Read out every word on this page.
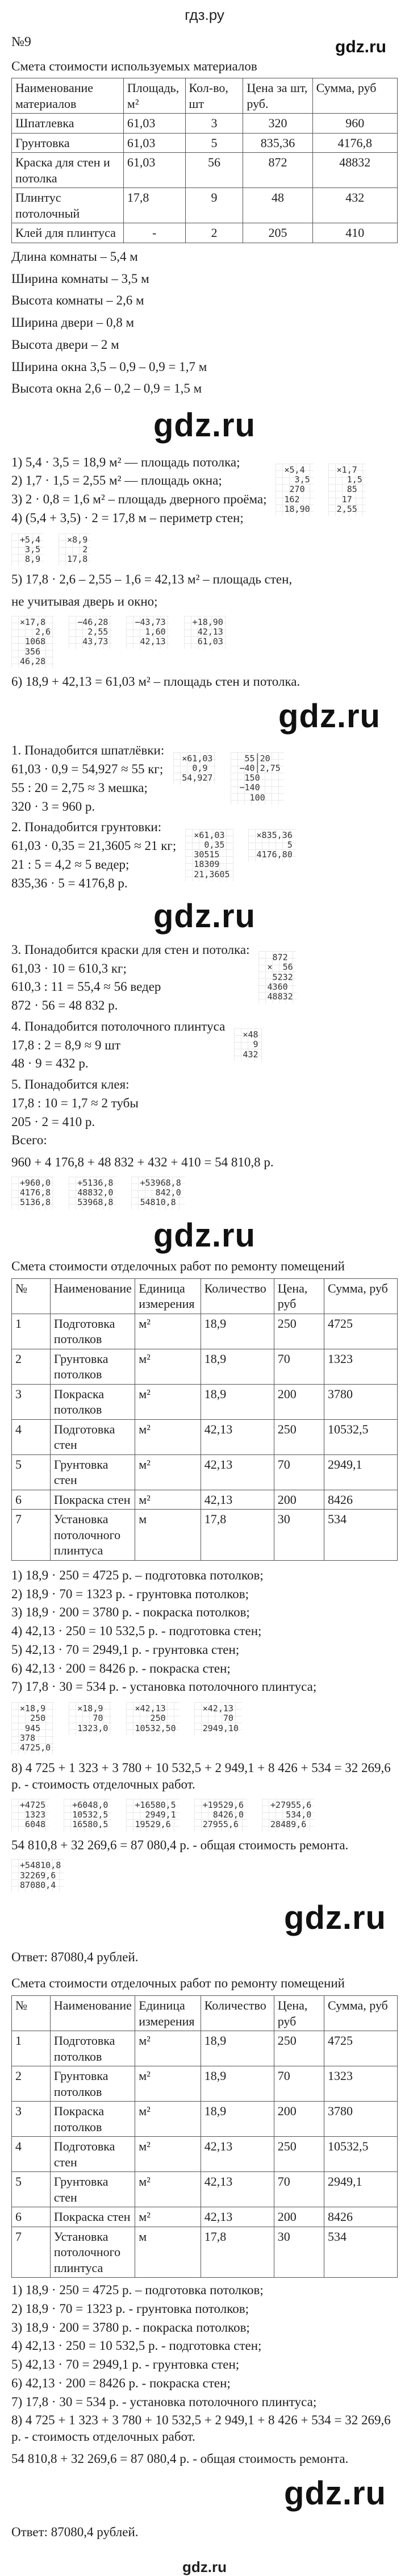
гдз.ру
№9	gdz.ru
Смета стоимости используемых материалов
Наименование материалов	Площадь, м²	Кол-во, шт	Цена за шт, руб.	Сумма, руб
Шпатлевка	61,03	3	320	960
Грунтовка	61,03	5	835,36	4176,8
Краска для стен и потолка	61,03	56	872	48832
Плинтус потолочный	17,8	9	48	432
Клей для плинтуса	-	2	205	410
Длина комнаты – 5,4 м
Ширина комнаты – 3,5 м
Высота комнаты – 2,6 м
Ширина двери – 0,8 м
Высота двери – 2 м
Ширина окна 3,5 – 0,9 – 0,9 = 1,7 м
Высота окна 2,6 – 0,2 – 0,9 = 1,5 м
gdz.ru
1) 5,4 · 3,5 = 18,9 м² — площадь потолка;
2) 1,7 · 1,5 = 2,55 м² — площадь окна;
3) 2 · 0,8 = 1,6 м² – площадь дверного проёма;
4) (5,4 + 3,5) · 2 = 17,8 м – периметр стен;
×5,4
3,5
270
162
18,90
×1,7
1,5
85
17
2,55
+5,4
3,5
8,9
×8,9
2
17,8
5) 17,8 · 2,6 – 2,55 – 1,6 = 42,13 м² – площадь стен,
не учитывая дверь и окно;
×17,8
2,6
1068
356
46,28
−46,28
2,55
43,73
−43,73
1,60
42,13
+18,90
42,13
61,03
6) 18,9 + 42,13 = 61,03 м² – площадь стен и потолка.
gdz.ru
1. Понадобится шпатлёвки:
61,03 · 0,9 = 54,927 ≈ 55 кг;
55 : 20 = 2,75 ≈ 3 мешка;
320 · 3 = 960 р.
×61,03
0,9
54,927
55│20
−40│2,75
150
−140
100
2. Понадобится грунтовки:
61,03 · 0,35 = 21,3605 ≈ 21 кг;
21 : 5 = 4,2 ≈ 5 ведер;
835,36 · 5 = 4176,8 р.
×61,03
0,35
30515
18309
21,3605
×835,36
5
4176,80
gdz.ru
3. Понадобится краски для стен и потолка:
61,03 · 10 = 610,3 кг;
610,3 : 11 = 55,4 ≈ 56 ведер
872 · 56 = 48 832 р.
872
×  56
5232
4360
48832
4. Понадобится потолочного плинтуса
17,8 : 2 = 8,9 ≈ 9 шт
48 · 9 = 432 р.
×48
9
432
5. Понадобится клея:
17,8 : 10 = 1,7 ≈ 2 тубы
205 · 2 = 410 р.
Всего:
960 + 4 176,8 + 48 832 + 432 + 410 = 54 810,8 р.
+960,0
4176,8
5136,8
+5136,8
48832,0
53968,8
+53968,8
842,0
54810,8
gdz.ru
Смета стоимости отделочных работ по ремонту помещений
№	Наименование	Единица измерения	Количество	Цена, руб	Сумма, руб
1	Подготовка потолков	м²	18,9	250	4725
2	Грунтовка потолков	м²	18,9	70	1323
3	Покраска потолков	м²	18,9	200	3780
4	Подготовка стен	м²	42,13	250	10532,5
5	Грунтовка стен	м²	42,13	70	2949,1
6	Покраска стен	м²	42,13	200	8426
7	Установка потолочного плинтуса	м	17,8	30	534
1) 18,9 · 250 = 4725 р. – подготовка потолков;
2) 18,9 · 70 = 1323 р. - грунтовка потолков;
3) 18,9 · 200 = 3780 р. - покраска потолков;
4) 42,13 · 250 = 10 532,5 р. - подготовка стен;
5) 42,13 · 70 = 2949,1 р. - грунтовка стен;
6) 42,13 · 200 = 8426 р. - покраска стен;
7) 17,8 · 30 = 534 р. - установка потолочного плинтуса;
×18,9
250
945
378
4725,0
×18,9
70
1323,0
×42,13
250
10532,50
×42,13
70
2949,10
8) 4 725 + 1 323 + 3 780 + 10 532,5 + 2 949,1 + 8 426 + 534 = 32 269,6 р. - стоимость отделочных работ.
+4725
1323
6048
+6048,0
10532,5
16580,5
+16580,5
2949,1
19529,6
+19529,6
8426,0
27955,6
+27955,6
534,0
28489,6
54 810,8 + 32 269,6 = 87 080,4 р. - общая стоимость ремонта.
+54810,8
32269,6
87080,4
gdz.ru
Ответ: 87080,4 рублей.
Смета стоимости отделочных работ по ремонту помещений
№	Наименование	Единица измерения	Количество	Цена, руб	Сумма, руб
1	Подготовка потолков	м²	18,9	250	4725
2	Грунтовка потолков	м²	18,9	70	1323
3	Покраска потолков	м²	18,9	200	3780
4	Подготовка стен	м²	42,13	250	10532,5
5	Грунтовка стен	м²	42,13	70	2949,1
6	Покраска стен	м²	42,13	200	8426
7	Установка потолочного плинтуса	м	17,8	30	534
1) 18,9 · 250 = 4725 р. – подготовка потолков;
2) 18,9 · 70 = 1323 р. - грунтовка потолков;
3) 18,9 · 200 = 3780 р. - покраска потолков;
4) 42,13 · 250 = 10 532,5 р. - подготовка стен;
5) 42,13 · 70 = 2949,1 р. - грунтовка стен;
6) 42,13 · 200 = 8426 р. - покраска стен;
7) 17,8 · 30 = 534 р. - установка потолочного плинтуса;
8) 4 725 + 1 323 + 3 780 + 10 532,5 + 2 949,1 + 8 426 + 534 = 32 269,6 р. - стоимость отделочных работ.
54 810,8 + 32 269,6 = 87 080,4 р. - общая стоимость ремонта.
gdz.ru
Ответ: 87080,4 рублей.
gdz.ru
